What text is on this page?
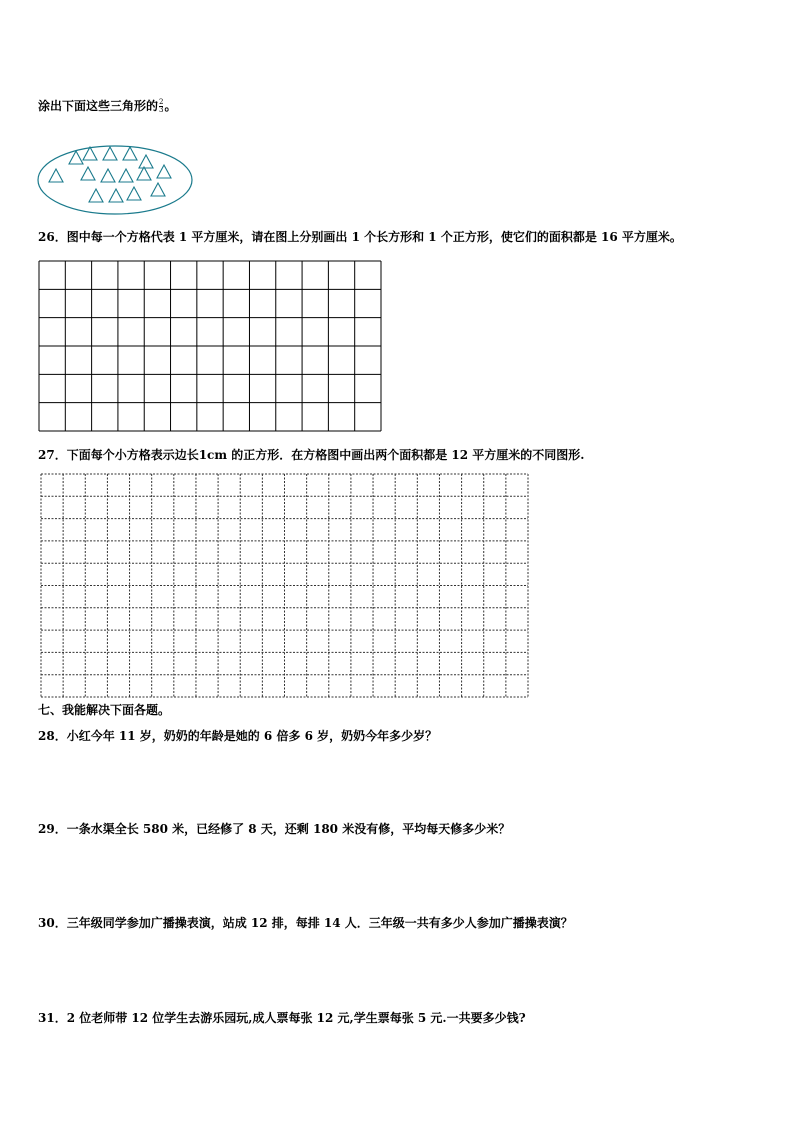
涂出下面这些三角形的 $\frac{2}{3}$ 。
26．图中每一个方格代表 1 平方厘米，请在图上分别画出 1 个长方形和 1 个正方形，使它们的面积都是 16 平方厘米。
27．下面每个小方格表示边长1cm 的正方形．在方格图中画出两个面积都是 12 平方厘米的不同图形.
七、我能解决下面各题。
28．小红今年 11 岁，奶奶的年龄是她的 6 倍多 6 岁，奶奶今年多少岁？
29．一条水渠全长 580 米，已经修了 8 天，还剩 180 米没有修，平均每天修多少米？
30．三年级同学参加广播操表演，站成 12 排，每排 14 人．三年级一共有多少人参加广播操表演？
31．2 位老师带 12 位学生去游乐园玩,成人票每张 12 元,学生票每张 5 元.一共要多少钱?
